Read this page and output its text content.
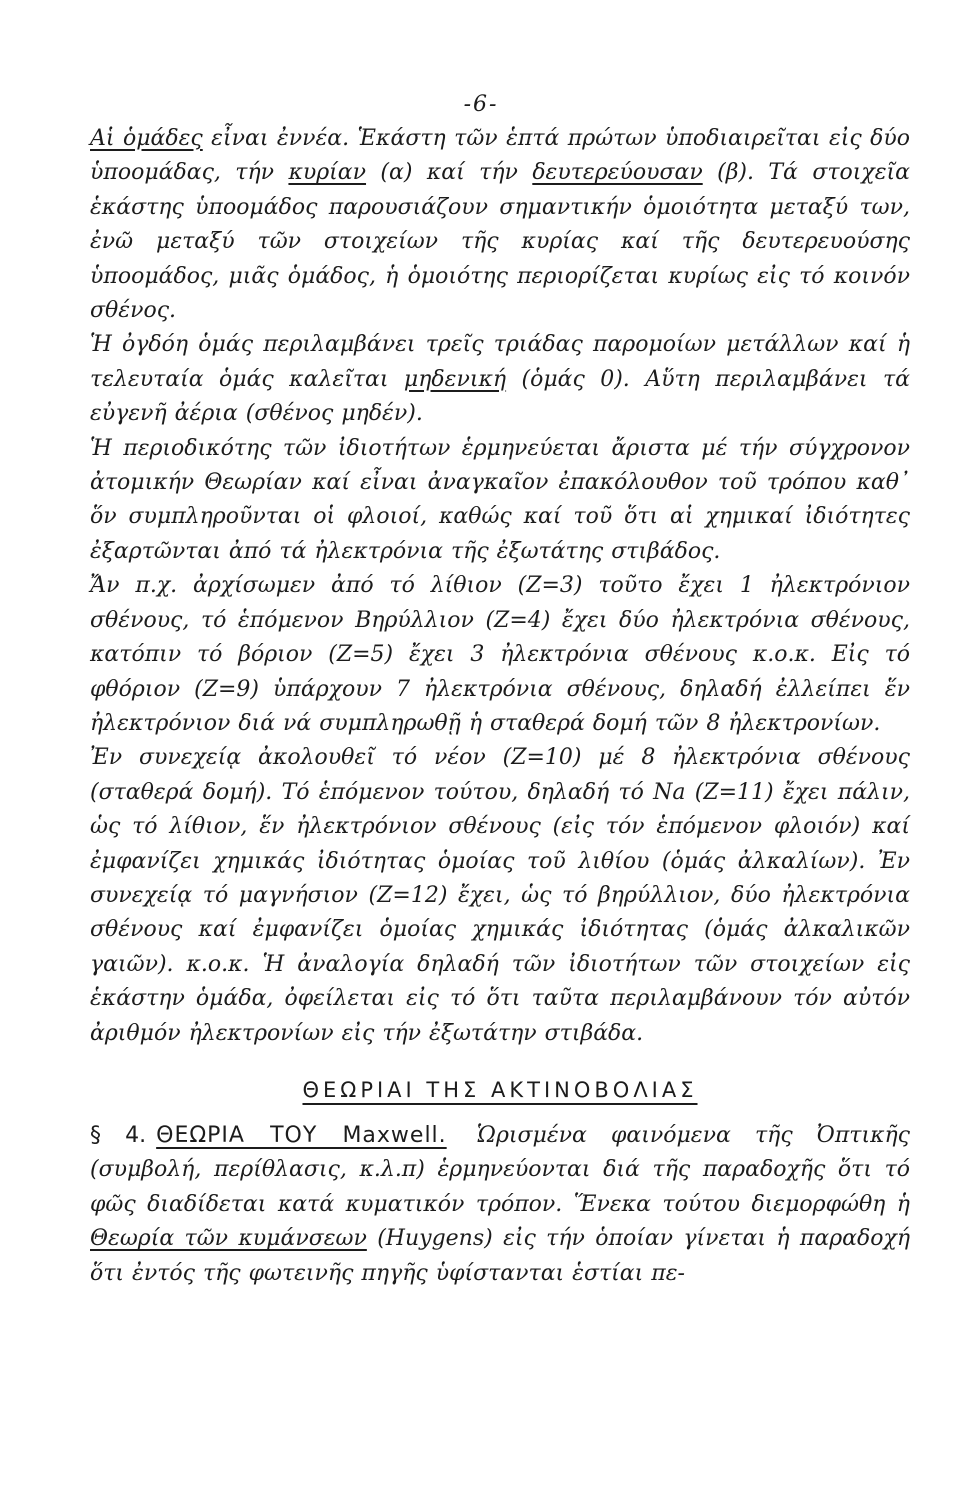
-6-

Αἱ ὁμάδες εἶναι ἐννέα. Ἑκάστη τῶν ἑπτά πρώτων ὑποδιαιρεῖται εἰς δύο ὑποομάδας, τήν κυρίαν (α) καί τήν δευτερεύουσαν (β). Τά στοιχεῖα ἑκάστης ὑποομάδος παρουσιάζουν σημαντικήν ὁμοιότητα μεταξύ των, ἐνῶ μεταξύ τῶν στοιχείων τῆς κυρίας καί τῆς δευτερευούσης ὑποομάδος, μιᾶς ὁμάδος, ἡ ὁμοιότης περιορίζεται κυρίως εἰς τό κοινόν σθένος.

Ἡ ὀγδόη ὁμάς περιλαμβάνει τρεῖς τριάδας παρομοίων μετάλλων καί ἡ τελευταία ὁμάς καλεῖται μηδενική (ὁμάς 0). Αὕτη περιλαμβάνει τά εὐγενῆ ἀέρια (σθένος μηδέν).

Ἡ περιοδικότης τῶν ἰδιοτήτων ἑρμηνεύεται ἄριστα μέ τήν σύγχρονον ἀτομικήν Θεωρίαν καί εἶναι ἀναγκαῖον ἐπακόλουθον τοῦ τρόπου καθ᾽ ὅν συμπληροῦνται οἱ φλοιοί, καθώς καί τοῦ ὅτι αἱ χημικαί ἰδιότητες ἐξαρτῶνται ἀπό τά ἠλεκτρόνια τῆς ἐξωτάτης στιβάδος.

Ἄν π.χ. ἀρχίσωμεν ἀπό τό λίθιον (Z=3) τοῦτο ἔχει 1 ἠλεκτρόνιον σθένους, τό ἑπόμενον Βηρύλλιον (Z=4) ἔχει δύο ἠλεκτρόνια σθένους, κατόπιν τό βόριον (Z=5) ἔχει 3 ἠλεκτρόνια σθένους κ.ο.κ. Εἰς τό φθόριον (Z=9) ὑπάρχουν 7 ἠλεκτρόνια σθένους, δηλαδή ἐλλείπει ἕν ἠλεκτρόνιον διά νά συμπληρωθῇ ἡ σταθερά δομή τῶν 8 ἠλεκτρονίων.

Ἐν συνεχείᾳ ἀκολουθεῖ τό νέον (Z=10) μέ 8 ἠλεκτρόνια σθένους (σταθερά δομή). Τό ἑπόμενον τούτου, δηλαδή τό Na (Z=11) ἔχει πάλιν, ὡς τό λίθιον, ἕν ἠλεκτρόνιον σθένους (εἰς τόν ἑπόμενον φλοιόν) καί ἐμφανίζει χημικάς ἰδιότητας ὁμοίας τοῦ λιθίου (ὁμάς ἀλκαλίων). Ἐν συνεχείᾳ τό μαγνήσιον (Z=12) ἔχει, ὡς τό βηρύλλιον, δύο ἠλεκτρόνια σθένους καί ἐμφανίζει ὁμοίας χημικάς ἰδιότητας (ὁμάς ἀλκαλικῶν γαιῶν). κ.ο.κ. Ἡ ἀναλογία δηλαδή τῶν ἰδιοτήτων τῶν στοιχείων εἰς ἑκάστην ὁμάδα, ὀφείλεται εἰς τό ὅτι ταῦτα περιλαμβάνουν τόν αὐτόν ἀριθμόν ἠλεκτρονίων εἰς τήν ἐξωτάτην στιβάδα.

ΘΕΩΡΙΑΙ ΤΗΣ ΑΚΤΙΝΟΒΟΛΙΑΣ

§ 4. ΘΕΩΡΙΑ ΤΟΥ Maxwell. Ὡρισμένα φαινόμενα τῆς Ὀπτικῆς (συμβολή, περίθλασις, κ.λ.π) ἑρμηνεύονται διά τῆς παραδοχῆς ὅτι τό φῶς διαδίδεται κατά κυματικόν τρόπον. Ἕνεκα τούτου διεμορφώθη ἡ Θεωρία τῶν κυμάνσεων (Huygens) εἰς τήν ὁποίαν γίνεται ἡ παραδοχή ὅτι ἐντός τῆς φωτεινῆς πηγῆς ὑφίστανται ἑστίαι πε-
